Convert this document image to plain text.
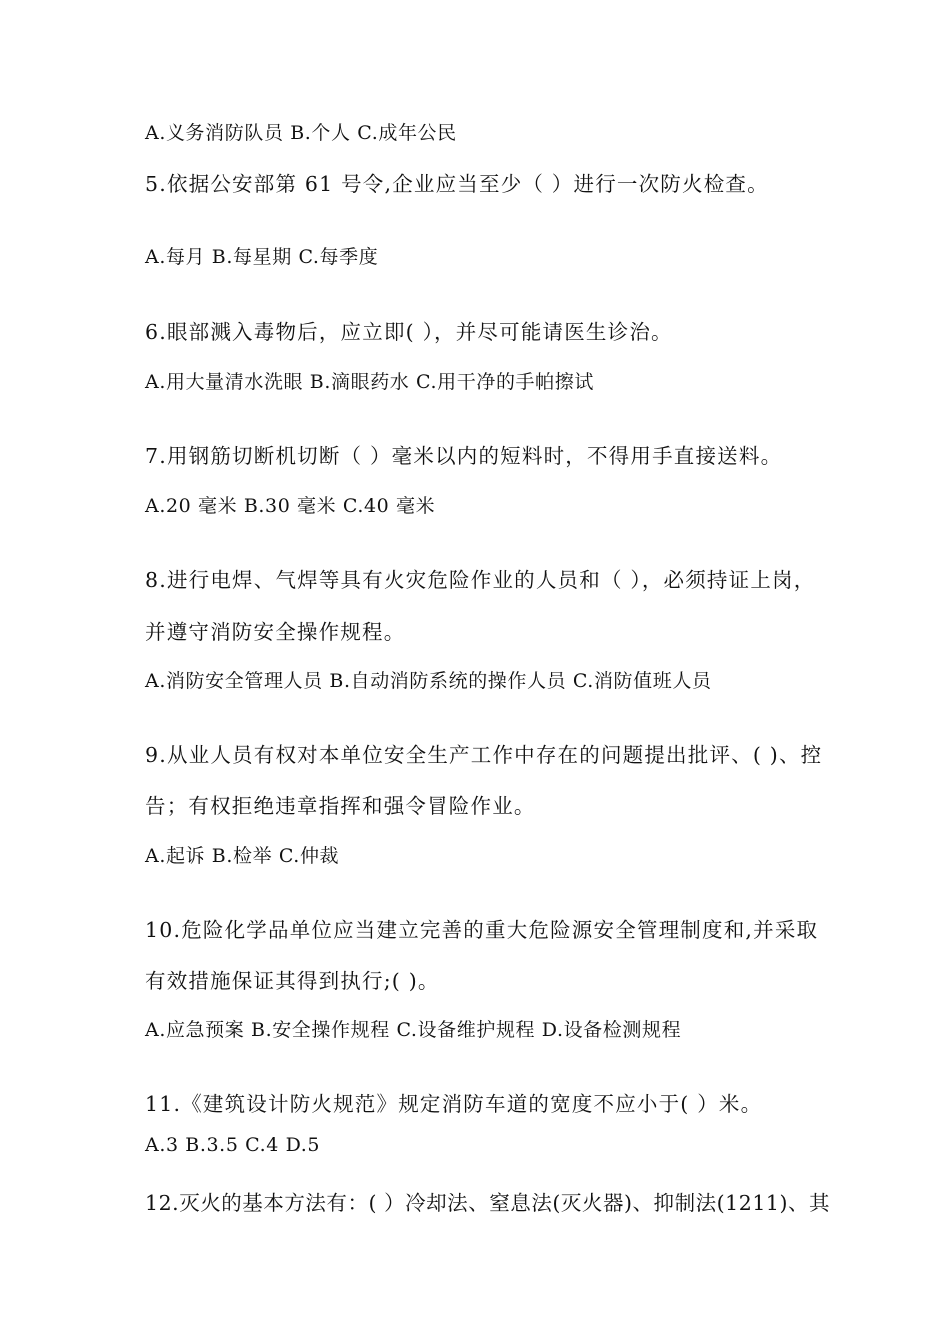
A.义务消防队员 B.个人 C.成年公民
5.依据公安部第 61 号令,企业应当至少（ ）进行一次防火检查。
A.每月 B.每星期 C.每季度
6.眼部溅入毒物后，应立即( ），并尽可能请医生诊治。
A.用大量清水洗眼 B.滴眼药水 C.用干净的手帕擦试
7.用钢筋切断机切断（ ）毫米以内的短料时，不得用手直接送料。
A.20 毫米 B.30 毫米 C.40 毫米
8.进行电焊、气焊等具有火灾危险作业的人员和（ ），必须持证上岗，
并遵守消防安全操作规程。
A.消防安全管理人员 B.自动消防系统的操作人员 C.消防值班人员
9.从业人员有权对本单位安全生产工作中存在的问题提出批评、( )、控
告；有权拒绝违章指挥和强令冒险作业。
A.起诉 B.检举 C.仲裁
10.危险化学品单位应当建立完善的重大危险源安全管理制度和,并采取
有效措施保证其得到执行;( )。
A.应急预案 B.安全操作规程 C.设备维护规程 D.设备检测规程
11.《建筑设计防火规范》规定消防车道的宽度不应小于( ）米。
A.3 B.3.5 C.4 D.5
12.灭火的基本方法有：( ）冷却法、窒息法(灭火器)、抑制法(1211)、其
